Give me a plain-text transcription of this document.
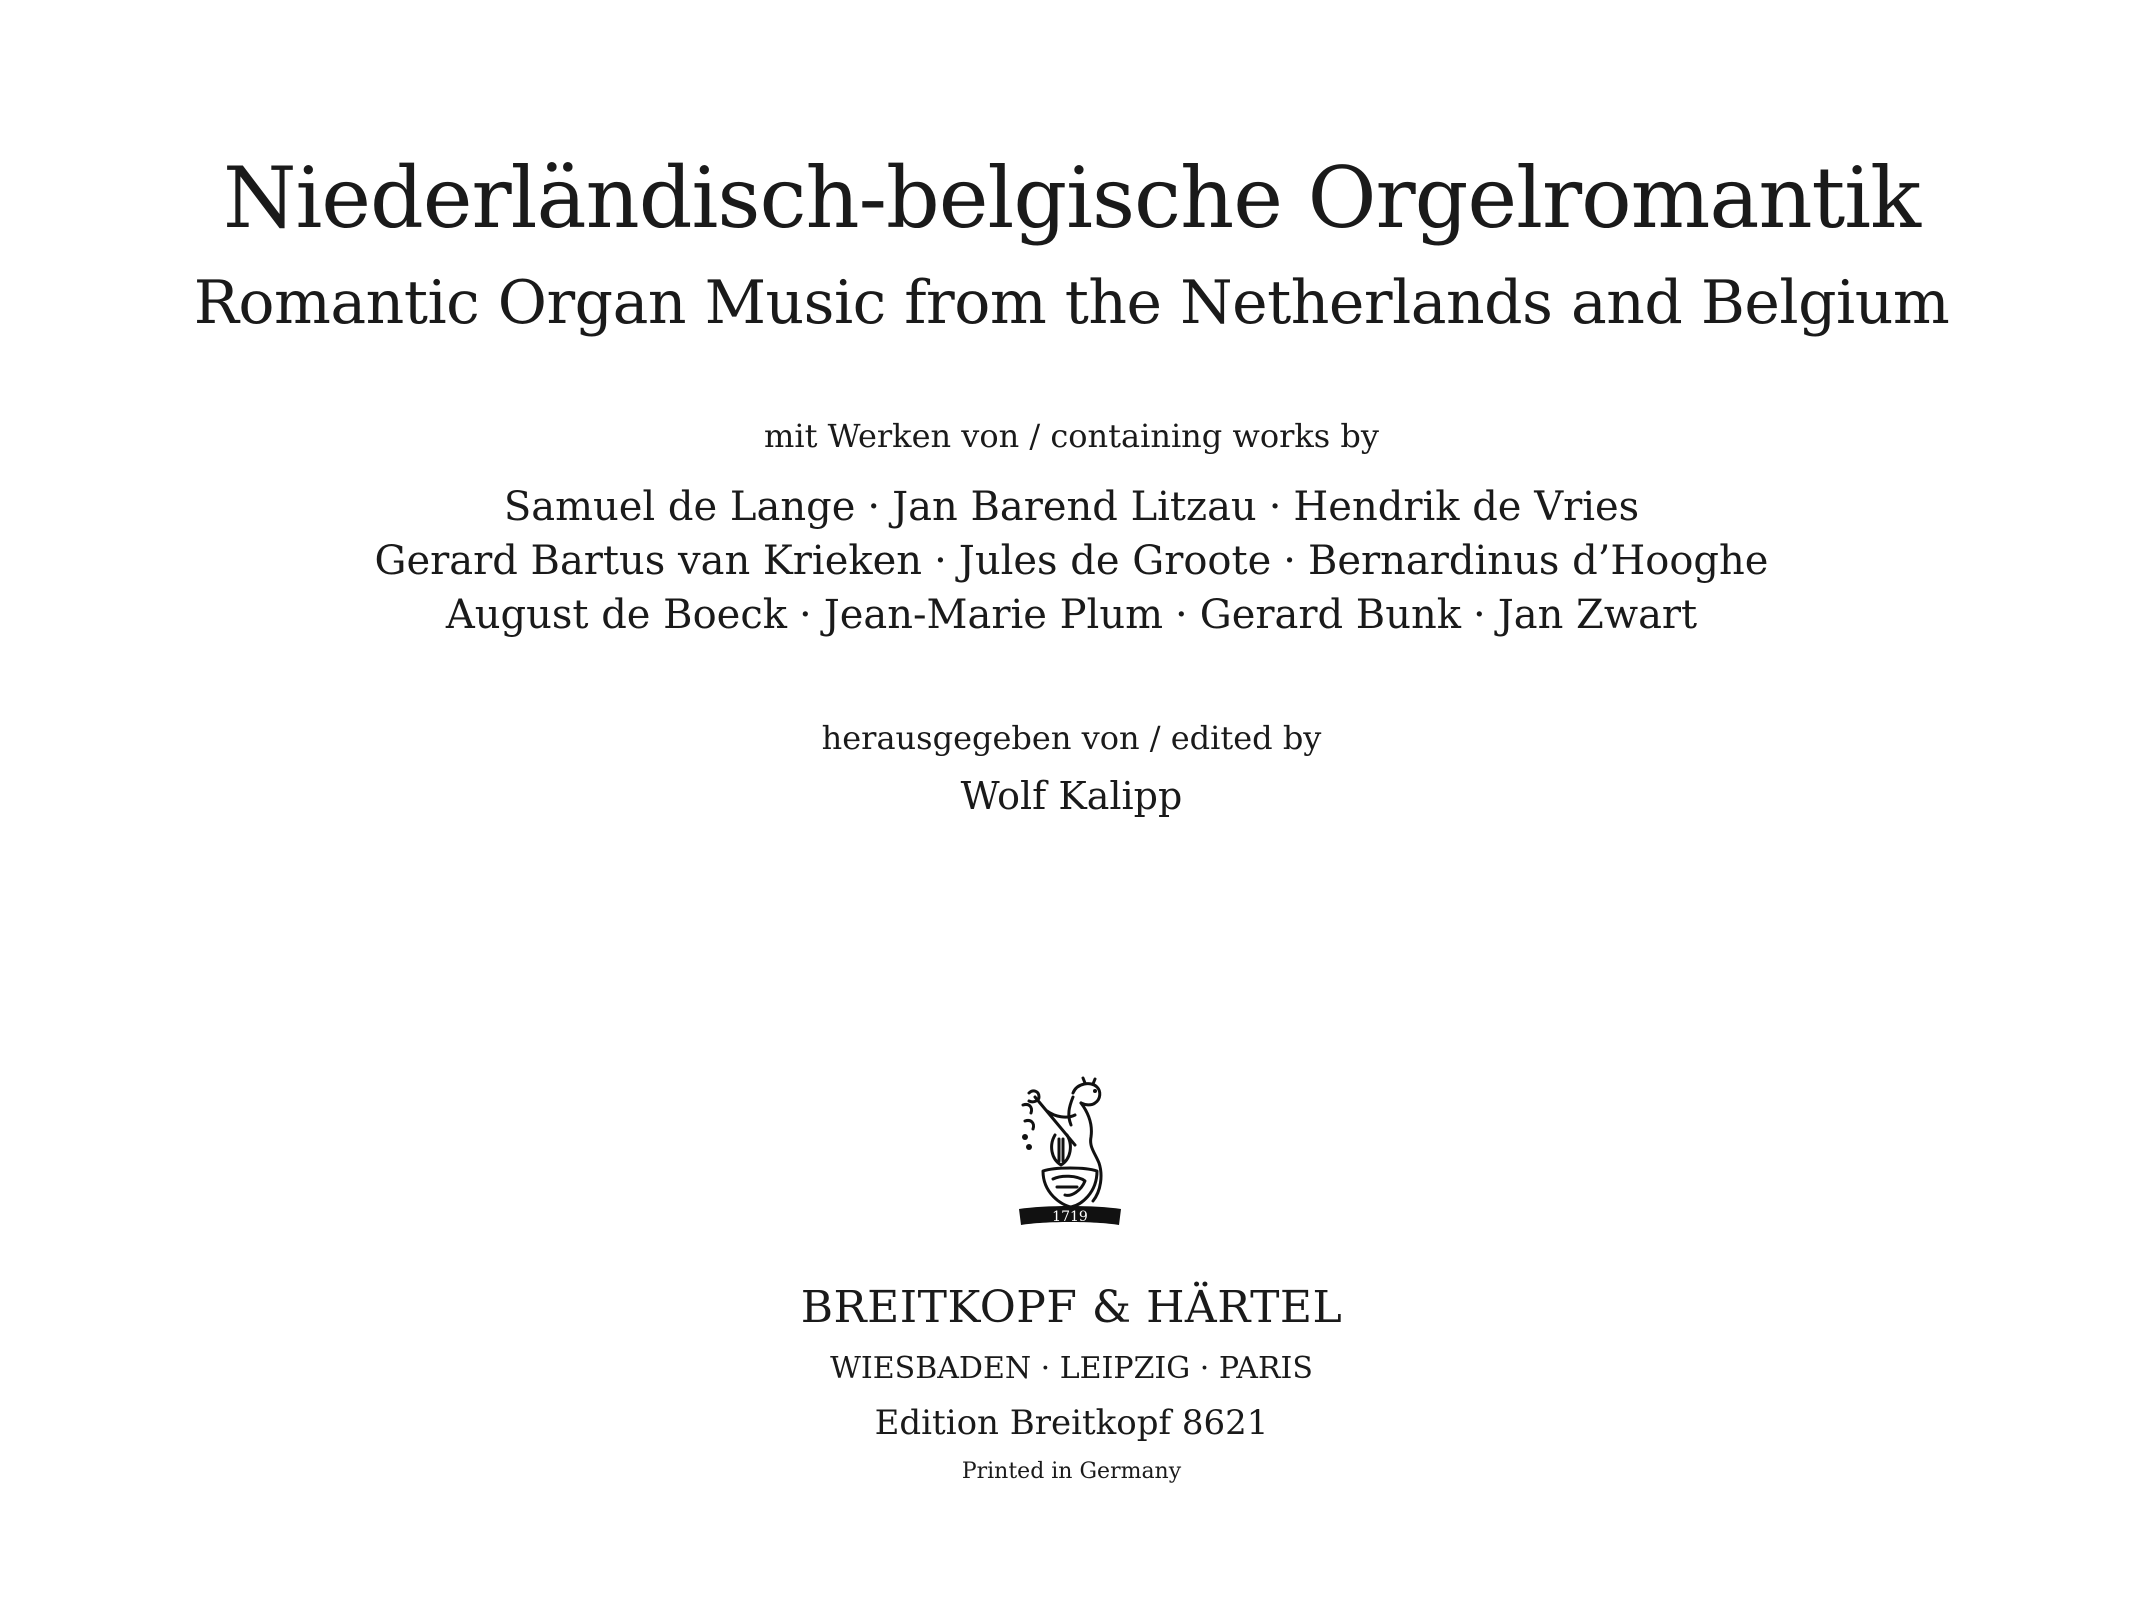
Niederländisch-belgische Orgelromantik
Romantic Organ Music from the Netherlands and Belgium
mit Werken von / containing works by
Samuel de Lange · Jan Barend Litzau · Hendrik de Vries
Gerard Bartus van Krieken · Jules de Groote · Bernardinus d’Hooghe
August de Boeck · Jean-Marie Plum · Gerard Bunk · Jan Zwart
herausgegeben von / edited by
Wolf Kalipp
1719
BREITKOPF & HÄRTEL
WIESBADEN · LEIPZIG · PARIS
Edition Breitkopf 8621
Printed in Germany
